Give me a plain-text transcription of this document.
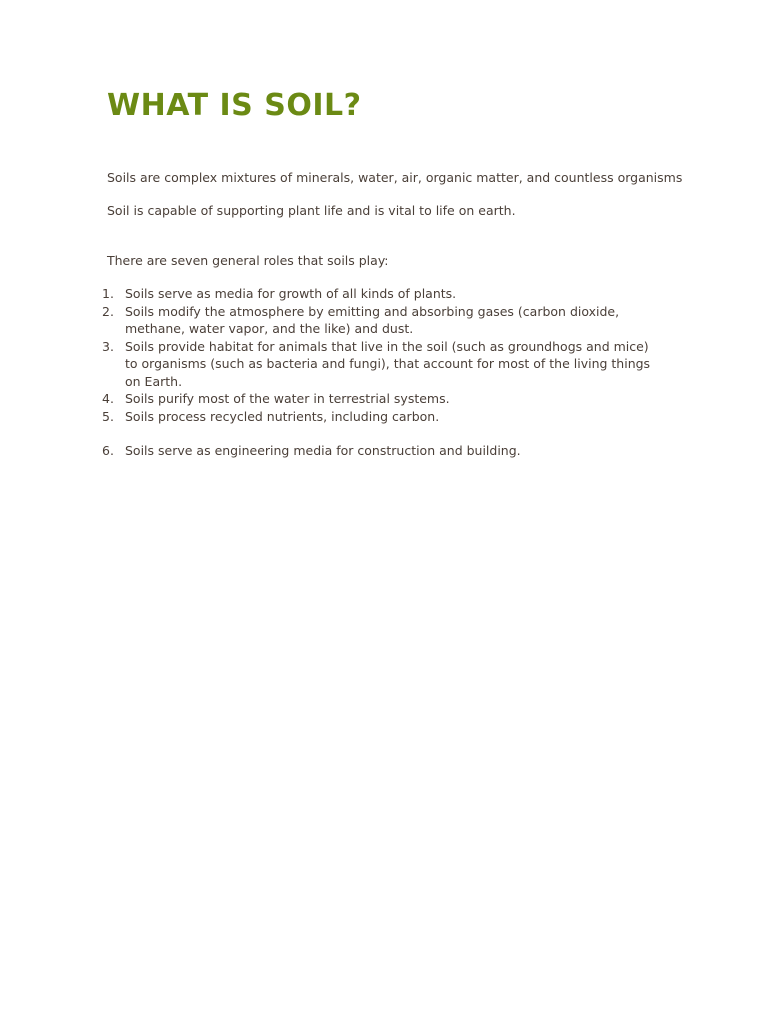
WHAT IS SOIL?

Soils are complex mixtures of minerals, water, air, organic matter, and countless organisms

Soil is capable of supporting plant life and is vital to life on earth.

There are seven general roles that soils play:

1. Soils serve as media for growth of all kinds of plants.
2. Soils modify the atmosphere by emitting and absorbing gases (carbon dioxide, methane, water vapor, and the like) and dust.
3. Soils provide habitat for animals that live in the soil (such as groundhogs and mice) to organisms (such as bacteria and fungi), that account for most of the living things on Earth.
4. Soils purify most of the water in terrestrial systems.
5. Soils process recycled nutrients, including carbon.
6. Soils serve as engineering media for construction and building.
